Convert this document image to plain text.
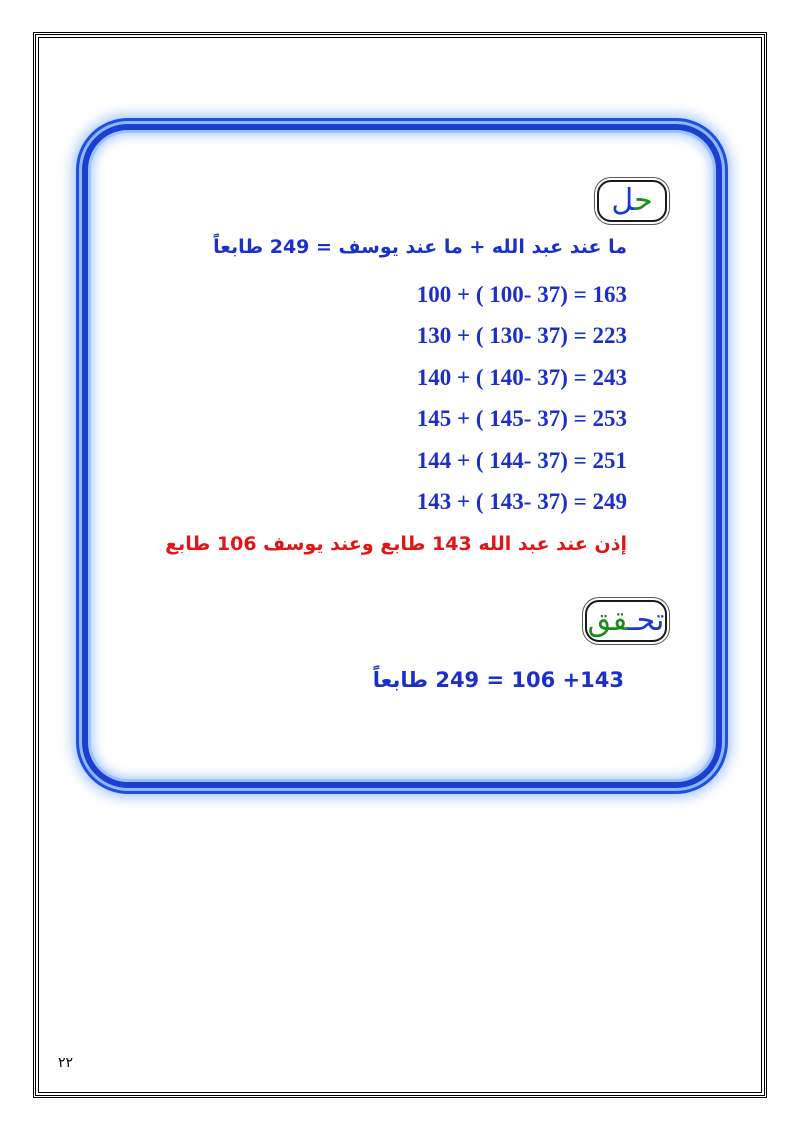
حل
ما عند عبد الله + ما عند يوسف = 249 طابعاً
100 + ( 100- 37) = 163
130 + ( 130- 37) = 223
140 + ( 140- 37) = 243
145 + ( 145- 37) = 253
144 + ( 144- 37) = 251
143 + ( 143- 37) = 249
إذن عند عبد الله 143 طابع وعند يوسف 106 طابع
تحـقق
143+ 106 = 249 طابعاً
٢٢
